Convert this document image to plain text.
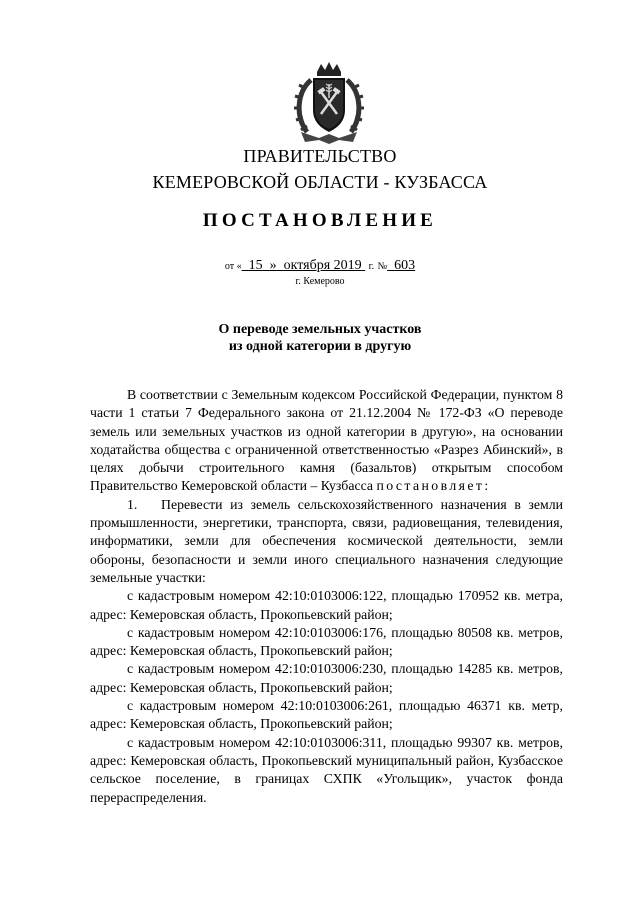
ПРАВИТЕЛЬСТВО
КЕМЕРОВСКОЙ ОБЛАСТИ - КУЗБАССА
ПОСТАНОВЛЕНИЕ
от « 15 » октября 2019 г. № 603
г. Кемерово
О переводе земельных участков
из одной категории в другую

В соответствии с Земельным кодексом Российской Федерации, пунктом 8 части 1 статьи 7 Федерального закона от 21.12.2004 № 172-ФЗ «О переводе земель или земельных участков из одной категории в другую», на основании ходатайства общества с ограниченной ответственностью «Разрез Абинский», в целях добычи строительного камня (базальтов) открытым способом Правительство Кемеровской области – Кузбасса постановляет:

1. Перевести из земель сельскохозяйственного назначения в земли промышленности, энергетики, транспорта, связи, радиовещания, телевидения, информатики, земли для обеспечения космической деятельности, земли обороны, безопасности и земли иного специального назначения следующие земельные участки:

с кадастровым номером 42:10:0103006:122, площадью 170952 кв. метра, адрес: Кемеровская область, Прокопьевский район;

с кадастровым номером 42:10:0103006:176, площадью 80508 кв. метров, адрес: Кемеровская область, Прокопьевский район;

с кадастровым номером 42:10:0103006:230, площадью 14285 кв. метров, адрес: Кемеровская область, Прокопьевский район;

с кадастровым номером 42:10:0103006:261, площадью 46371 кв. метр, адрес: Кемеровская область, Прокопьевский район;

с кадастровым номером 42:10:0103006:311, площадью 99307 кв. метров, адрес: Кемеровская область, Прокопьевский муниципальный район, Кузбасское сельское поселение, в границах СХПК «Угольщик», участок фонда перераспределения.
